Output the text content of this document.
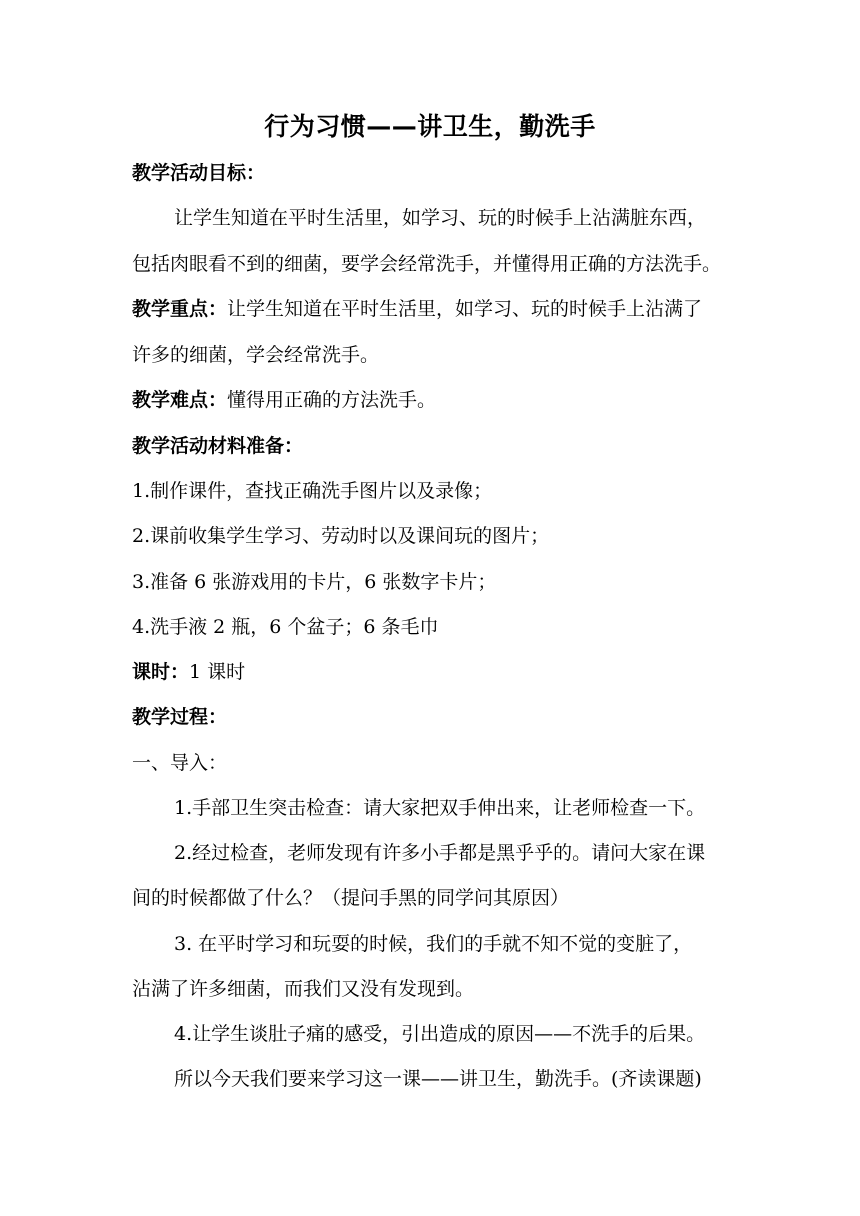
行为习惯——讲卫生，勤洗手
教学活动目标：
让学生知道在平时生活里，如学习、玩的时候手上沾满脏东西，
包括肉眼看不到的细菌，要学会经常洗手，并懂得用正确的方法洗手。
教学重点：让学生知道在平时生活里，如学习、玩的时候手上沾满了
许多的细菌，学会经常洗手。
教学难点：懂得用正确的方法洗手。
教学活动材料准备：
1.制作课件，查找正确洗手图片以及录像；
2.课前收集学生学习、劳动时以及课间玩的图片；
3.准备 6 张游戏用的卡片，6 张数字卡片；
4.洗手液 2 瓶，6 个盆子；6 条毛巾
课时：1 课时
教学过程：
一、导入：
1.手部卫生突击检查：请大家把双手伸出来，让老师检查一下。
2.经过检查，老师发现有许多小手都是黑乎乎的。请问大家在课
间的时候都做了什么？（提问手黑的同学问其原因）
3. 在平时学习和玩耍的时候，我们的手就不知不觉的变脏了，
沾满了许多细菌，而我们又没有发现到。
4.让学生谈肚子痛的感受，引出造成的原因——不洗手的后果。
所以今天我们要来学习这一课——讲卫生，勤洗手。(齐读课题)
